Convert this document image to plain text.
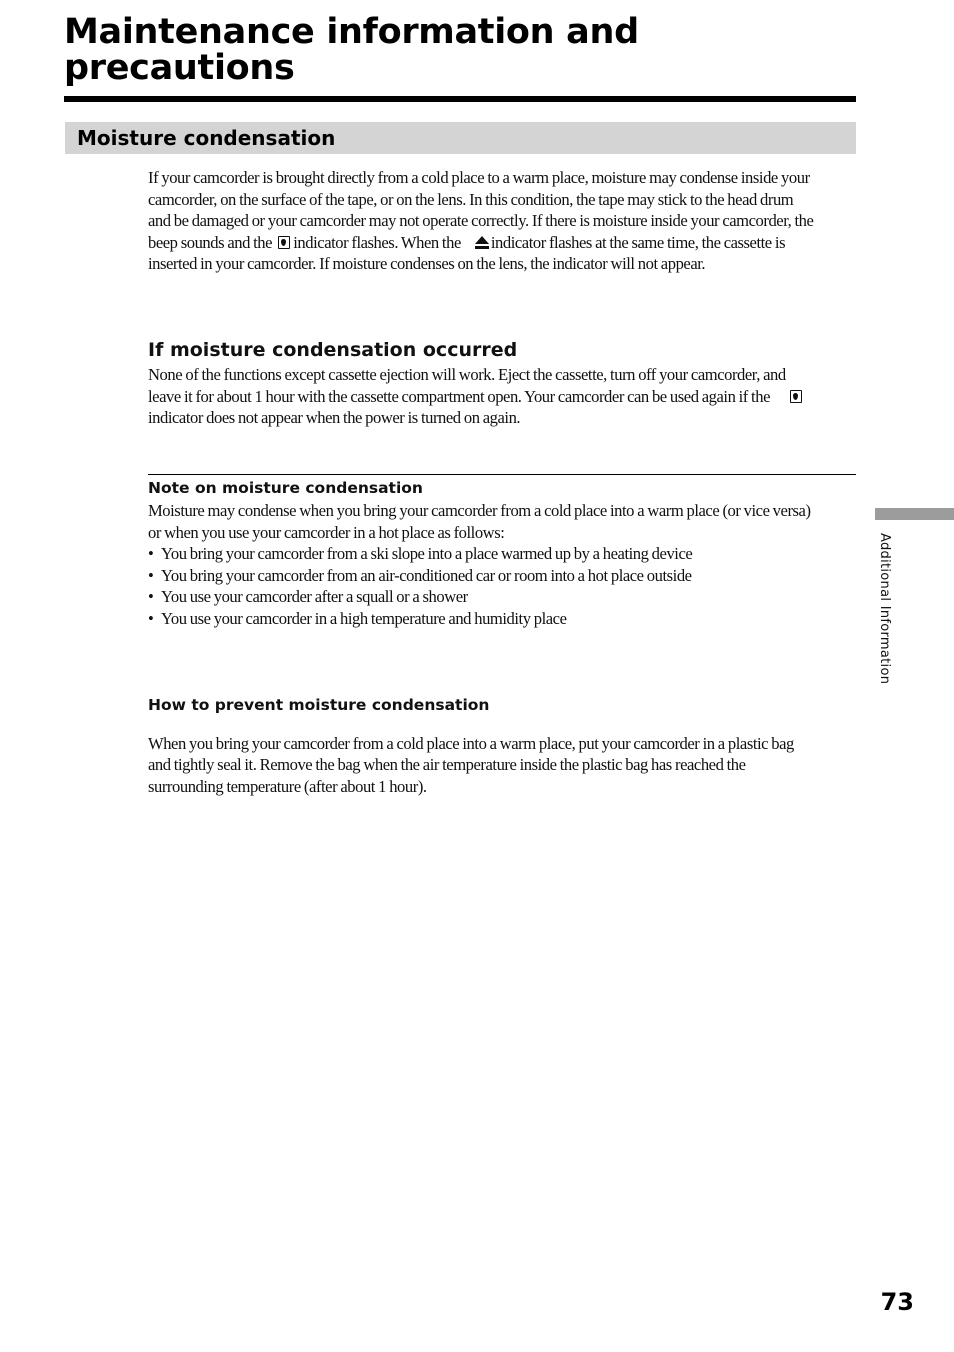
Maintenance information and precautions
Moisture condensation

If your camcorder is brought directly from a cold place to a warm place, moisture may condense inside your camcorder, on the surface of the tape, or on the lens. In this condition, the tape may stick to the head drum and be damaged or your camcorder may not operate correctly. If there is moisture inside your camcorder, the beep sounds and the indicator flashes. When the indicator flashes at the same time, the cassette is inserted in your camcorder. If moisture condenses on the lens, the indicator will not appear.

If moisture condensation occurred

None of the functions except cassette ejection will work. Eject the cassette, turn off your camcorder, and leave it for about 1 hour with the cassette compartment open. Your camcorder can be used again if theindicator does not appear when the power is turned on again.

Note on moisture condensation

Moisture may condense when you bring your camcorder from a cold place into a warm place (or vice versa) or when you use your camcorder in a hot place as follows:

• You bring your camcorder from a ski slope into a place warmed up by a heating device
• You bring your camcorder from an air-conditioned car or room into a hot place outside
• You use your camcorder after a squall or a shower
• You use your camcorder in a high temperature and humidity place
How to prevent moisture condensation

When you bring your camcorder from a cold place into a warm place, put your camcorder in a plastic bag and tightly seal it. Remove the bag when the air temperature inside the plastic bag has reached the surrounding temperature (after about 1 hour).

Additional Information
73
